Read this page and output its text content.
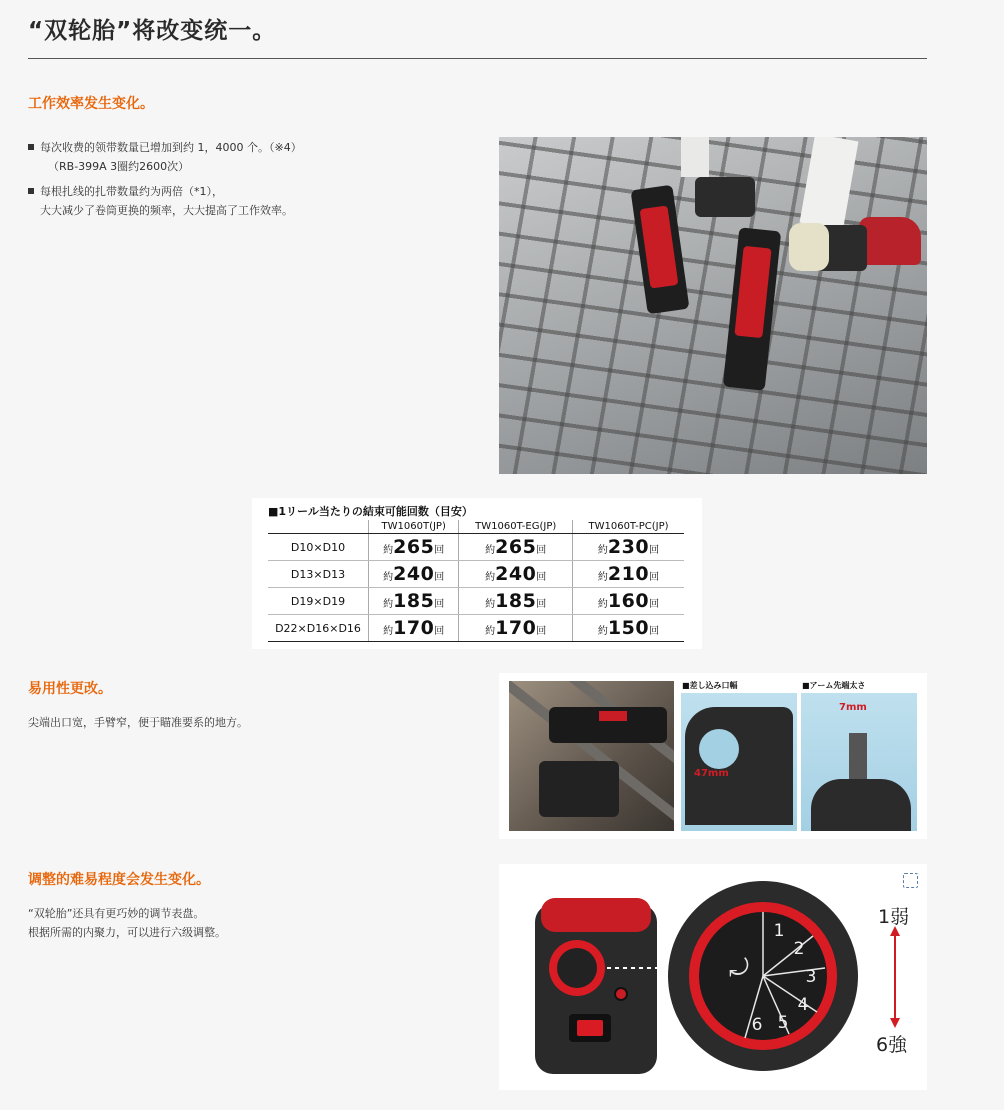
“双轮胎”将改变统一。
工作效率发生变化。
每次收费的领带数量已增加到约 1，4000 个。（※4）
（RB-399A 3圈约2600次）
每根扎线的扎带数量约为两倍（*1），
大大减少了卷筒更换的频率，大大提高了工作效率。
■1リール当たりの結束可能回数（目安）
	TW1060T(JP)	TW1060T-EG(JP)	TW1060T-PC(JP)
D10×D10	約265回	約265回	約230回
D13×D13	約240回	約240回	約210回
D19×D19	約185回	約185回	約160回
D22×D16×D16	約170回	約170回	約150回
易用性更改。
尖端出口宽，手臂窄，便于瞄准要系的地方。
■差し込み口幅
47mm
■アーム先端太さ
7mm
调整的难易程度会发生变化。
“双轮胎”还具有更巧妙的调节表盘。
根据所需的内聚力，可以进行六级调整。
⤾
1
2
3
4
5
6
1弱
6強
